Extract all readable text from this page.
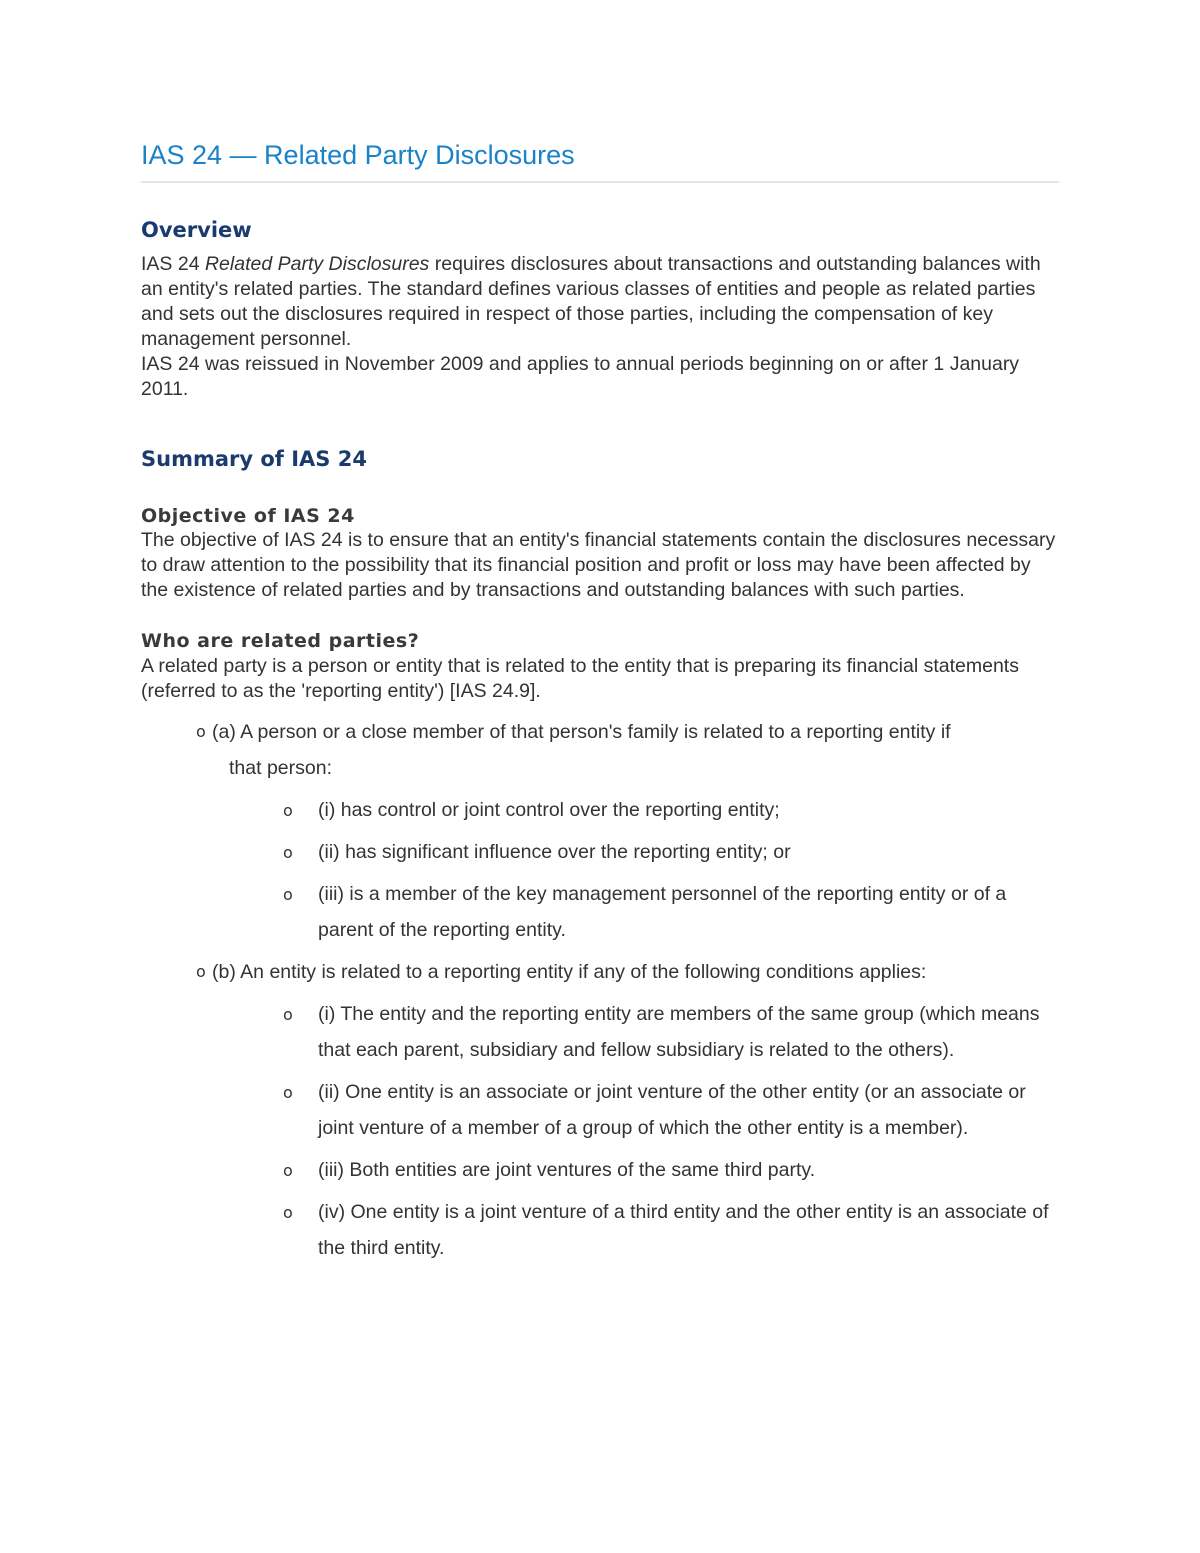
IAS 24 — Related Party Disclosures
Overview

IAS 24 Related Party Disclosures requires disclosures about transactions and outstanding balances with an entity's related parties. The standard defines various classes of entities and people as related parties and sets out the disclosures required in respect of those parties, including the compensation of key management personnel.

IAS 24 was reissued in November 2009 and applies to annual periods beginning on or after 1 January 2011.

Summary of IAS 24
Objective of IAS 24

The objective of IAS 24 is to ensure that an entity's financial statements contain the disclosures necessary to draw attention to the possibility that its financial position and profit or loss may have been affected by the existence of related parties and by transactions and outstanding balances with such parties.

Who are related parties?

A related party is a person or entity that is related to the entity that is preparing its financial statements (referred to as the 'reporting entity') [IAS 24.9].

o (a) A person or a close member of that person's family is related to a reporting entity if
that person:
o (i) has control or joint control over the reporting entity;
o (ii) has significant influence over the reporting entity; or
o (iii) is a member of the key management personnel of the reporting entity or of a parent of the reporting entity.
o (b) An entity is related to a reporting entity if any of the following conditions applies:
o (i) The entity and the reporting entity are members of the same group (which means that each parent, subsidiary and fellow subsidiary is related to the others).
o (ii) One entity is an associate or joint venture of the other entity (or an associate or joint venture of a member of a group of which the other entity is a member).
o (iii) Both entities are joint ventures of the same third party.
o (iv) One entity is a joint venture of a third entity and the other entity is an associate of the third entity.
